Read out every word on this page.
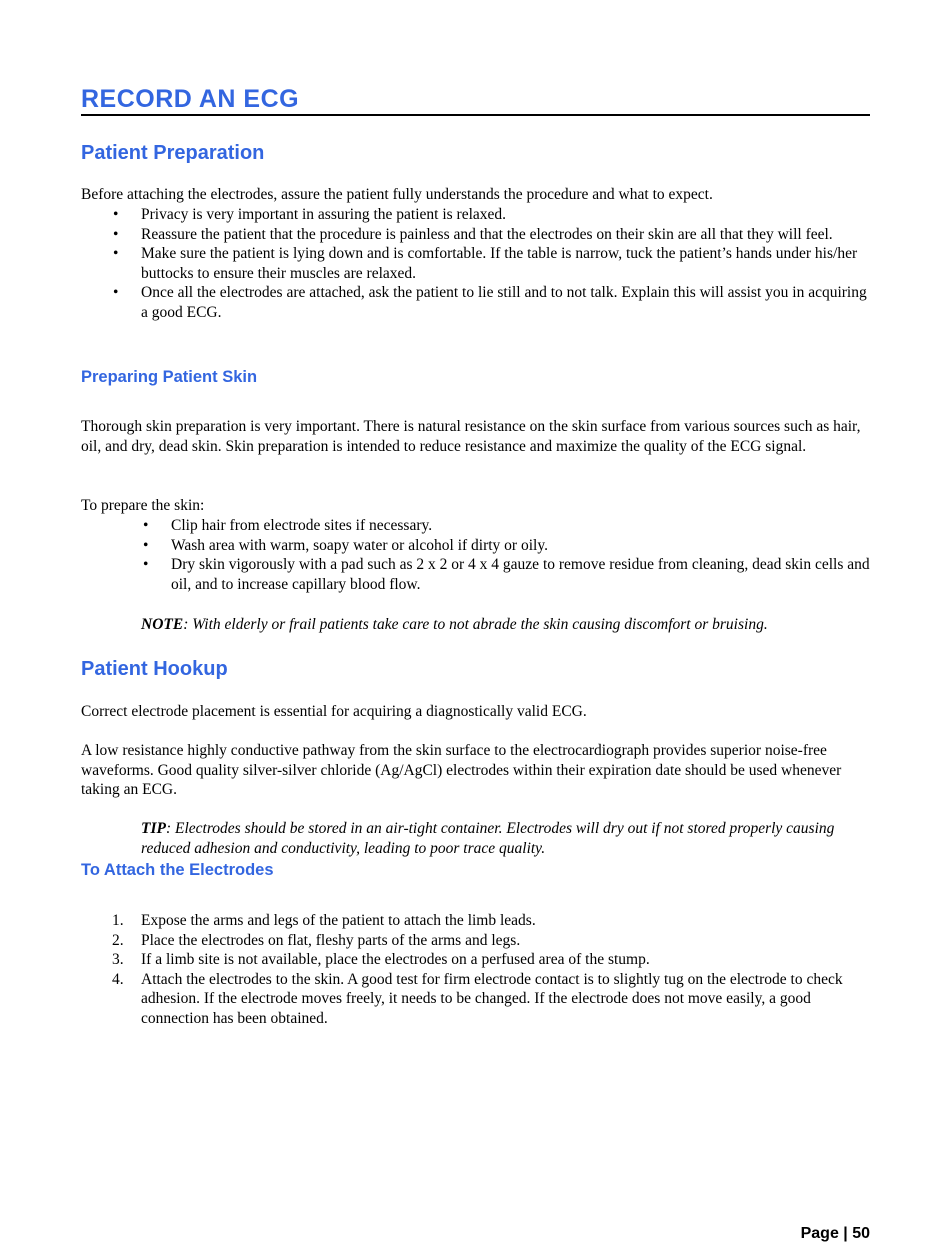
RECORD AN ECG
Patient Preparation

Before attaching the electrodes, assure the patient fully understands the procedure and what to expect.

• Privacy is very important in assuring the patient is relaxed.
• Reassure the patient that the procedure is painless and that the electrodes on their skin are all that they will feel.
• Make sure the patient is lying down and is comfortable. If the table is narrow, tuck the patient’s hands under his/her buttocks to ensure their muscles are relaxed.
• Once all the electrodes are attached, ask the patient to lie still and to not talk. Explain this will assist you in acquiring a good ECG.
Preparing Patient Skin

Thorough skin preparation is very important. There is natural resistance on the skin surface from various sources such as hair, oil, and dry, dead skin. Skin preparation is intended to reduce resistance and maximize the quality of the ECG signal.

To prepare the skin:

• Clip hair from electrode sites if necessary.
• Wash area with warm, soapy water or alcohol if dirty or oily.
• Dry skin vigorously with a pad such as 2 x 2 or 4 x 4 gauze to remove residue from cleaning, dead skin cells and oil, and to increase capillary blood flow.

NOTE: With elderly or frail patients take care to not abrade the skin causing discomfort or bruising.

Patient Hookup

Correct electrode placement is essential for acquiring a diagnostically valid ECG.

A low resistance highly conductive pathway from the skin surface to the electrocardiograph provides superior noise-free waveforms. Good quality silver-silver chloride (Ag/AgCl) electrodes within their expiration date should be used whenever taking an ECG.

TIP: Electrodes should be stored in an air-tight container. Electrodes will dry out if not stored properly causing reduced adhesion and conductivity, leading to poor trace quality.

To Attach the Electrodes
1. Expose the arms and legs of the patient to attach the limb leads.
2. Place the electrodes on flat, fleshy parts of the arms and legs.
3. If a limb site is not available, place the electrodes on a perfused area of the stump.
4. Attach the electrodes to the skin. A good test for firm electrode contact is to slightly tug on the electrode to check adhesion. If the electrode moves freely, it needs to be changed. If the electrode does not move easily, a good connection has been obtained.
Page | 50
